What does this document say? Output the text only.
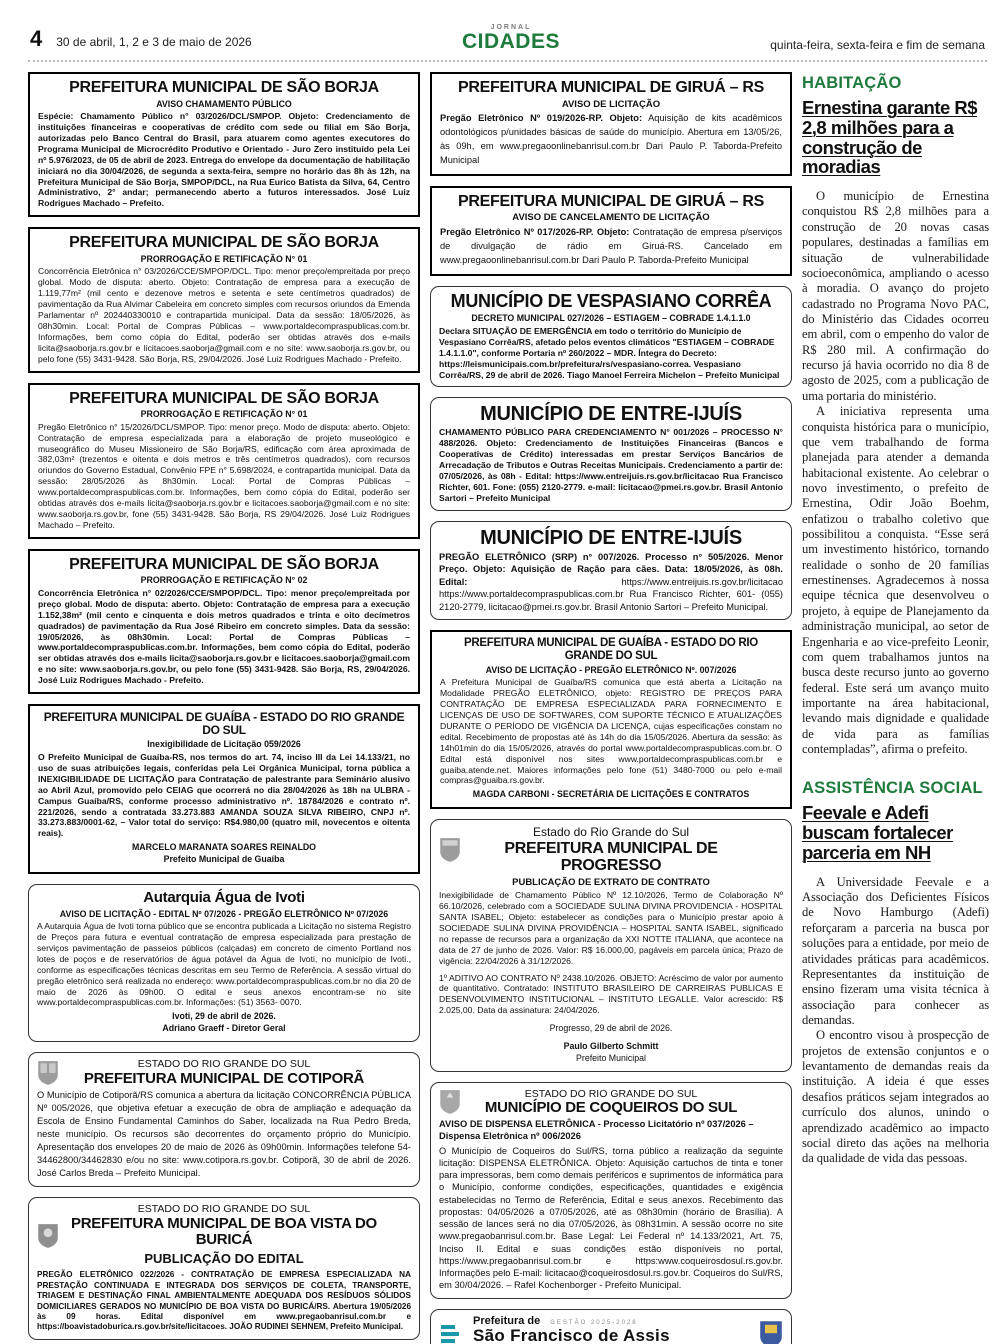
4 30 de abril, 1, 2 e 3 de maio de 2026
JORNAL
CIDADES	quinta-feira, sexta-feira e fim de semana
PREFEITURA MUNICIPAL DE SÃO BORJA
AVISO CHAMAMENTO PÚBLICO
Espécie: Chamamento Público n° 03/2026/DCL/SMPOP. Objeto: Credenciamento de instituições financeiras e cooperativas de crédito com sede ou filial em São Borja, autorizadas pelo Banco Central do Brasil, para atuarem como agentes executores do Programa Municipal de Microcrédito Produtivo e Orientado - Juro Zero instituído pela Lei nº 5.976/2023, de 05 de abril de 2023. Entrega do envelope da documentação de habilitação iniciará no dia 30/04/2026, de segunda a sexta-feira, sempre no horário das 8h às 12h, na Prefeitura Municipal de São Borja, SMPOP/DCL, na Rua Eurico Batista da Silva, 64, Centro Administrativo, 2° andar; permanecendo aberto a futuros interessados. José Luiz Rodrigues Machado – Prefeito.
PREFEITURA MUNICIPAL DE SÃO BORJA
PRORROGAÇÃO E RETIFICAÇÃO N° 01
Concorrência Eletrônica n° 03/2026/CCE/SMPOP/DCL. Tipo: menor preço/empreitada por preço global. Modo de disputa: aberto. Objeto: Contratação de empresa para a execução de 1.119,77m² (mil cento e dezenove metros e setenta e sete centímetros quadrados) de pavimentação da Rua Alvimar Cabeleira em concreto simples com recursos oriundos da Emenda Parlamentar nº 202440330010 e contrapartida municipal. Data da sessão: 18/05/2026, às 08h30min. Local: Portal de Compras Públicas – www.portaldecompraspublicas.com.br. Informações, bem como cópia do Edital, poderão ser obtidas através dos e-mails licita@saoborja.rs.gov.br e licitacoes.saoborja@gmail.com e no site: www.saoborja.rs.gov.br, ou pelo fone (55) 3431-9428. São Borja, RS, 29/04/2026. José Luiz Rodrigues Machado - Prefeito.
PREFEITURA MUNICIPAL DE SÃO BORJA
PRORROGAÇÃO E RETIFICAÇÃO N° 01
Pregão Eletrônico n° 15/2026/DCL/SMPOP. Tipo: menor preço. Modo de disputa: aberto. Objeto: Contratação de empresa especializada para a elaboração de projeto museológico e museográfico do Museu Missioneiro de São Borja/RS, edificação com área aproximada de 382,03m² (trezentos e oitenta e dois metros e três centímetros quadrados), com recursos oriundos do Governo Estadual, Convênio FPE n° 5.698/2024, e contrapartida municipal. Data da sessão: 28/05/2026 às 8h30min. Local: Portal de Compras Públicas – www.portaldecompraspublicas.com.br. Informações, bem como cópia do Edital, poderão ser obtidas através dos e-mails licita@saoborja.rs.gov.br e licitacoes.saoborja@gmail.com e no site: www.saoborja.rs.gov.br, fone (55) 3431-9428. São Borja, RS 29/04/2026. José Luiz Rodrigues Machado – Prefeito.
PREFEITURA MUNICIPAL DE SÃO BORJA
PRORROGAÇÃO E RETIFICAÇÃO N° 02
Concorrência Eletrônica n° 02/2026/CCE/SMPOP/DCL. Tipo: menor preço/empreitada por preço global. Modo de disputa: aberto. Objeto: Contratação de empresa para a execução 1.152,38m² (mil cento e cinquenta e dois metros quadrados e trinta e oito decímetros quadrados) de pavimentação da Rua José Ribeiro em concreto simples. Data da sessão: 19/05/2026, às 08h30min. Local: Portal de Compras Públicas – www.portaldecompraspublicas.com.br. Informações, bem como cópia do Edital, poderão ser obtidas através dos e-mails licita@saoborja.rs.gov.br e licitacoes.saoborja@gmail.com e no site: www.saoborja.rs.gov.br, ou pelo fone (55) 3431-9428. São Borja, RS, 29/04/2026. José Luiz Rodrigues Machado - Prefeito.
PREFEITURA MUNICIPAL DE GUAÍBA - ESTADO DO RIO GRANDE DO SUL
Inexigibilidade de Licitação 059/2026
O Prefeito Municipal de Guaíba-RS, nos termos do art. 74, inciso III da Lei 14.133/21, no uso de suas atribuições legais, conferidas pela Lei Orgânica Municipal, torna pública a INEXIGIBILIDADE DE LICITAÇÃO para Contratação de palestrante para Seminário alusivo ao Abril Azul, promovido pelo CEIAG que ocorrerá no dia 28/04/2026 às 18h na ULBRA - Campus Guaíba/RS, conforme processo administrativo nº. 18784/2026 e contrato nº. 221/2026, sendo a contratada 33.273.883 AMANDA SOUZA SILVA RIBEIRO, CNPJ nº. 33.273.883/0001-62, – Valor total do serviço: R$4.980,00 (quatro mil, novecentos e oitenta reais).
MARCELO MARANATA SOARES REINALDO
Prefeito Municipal de Guaíba
Autarquia Água de Ivoti
AVISO DE LICITAÇÃO - EDITAL Nº 07/2026 - PREGÃO ELETRÔNICO Nº 07/2026
A Autarquia Água de Ivoti torna público que se encontra publicada a Licitação no sistema Registro de Preços para futura e eventual contratação de empresa especializada para prestação de serviços pavimentação de passeios públicos (calçadas) em concreto de cimento Portland nos lotes de poços e de reservatórios de água potável da Água de Ivoti, no município de Ivoti., conforme as especificações técnicas descritas em seu Termo de Referência. A sessão virtual do pregão eletrônico será realizada no endereço: www.portaldecompraspublicas.com.br no dia 20 de maio de 2026 às 09h00. O edital e seus anexos encontram-se no site www.portaldecompraspublicas.com.br. Informações: (51) 3563- 0070.
Ivoti, 29 de abril de 2026.
Adriano Graeff - Diretor Geral
ESTADO DO RIO GRANDE DO SUL
PREFEITURA MUNICIPAL DE COTIPORÃ
O Município de Cotiporã/RS comunica a abertura da licitação CONCORRÊNCIA PÚBLICA Nº 005/2026, que objetiva efetuar a execução de obra de ampliação e adequação da Escola de Ensino Fundamental Caminhos do Saber, localizada na Rua Pedro Breda, neste município. Os recursos são decorrentes do orçamento próprio do Município. Apresentação dos envelopes 20 de maio de 2026 às 09h00min. Informações telefone 54-34462800/34462830 e/ou no site: www.cotipora.rs.gov.br. Cotiporã, 30 de abril de 2026. José Carlos Breda – Prefeito Municipal.
ESTADO DO RIO GRANDE DO SUL
PREFEITURA MUNICIPAL DE BOA VISTA DO BURICÁ
PUBLICAÇÃO DO EDITAL
PREGÃO ELETRÔNICO 022/2026 - CONTRATAÇÃO DE EMPRESA ESPECIALIZADA NA PRESTAÇÃO CONTINUADA E INTEGRADA DOS SERVIÇOS DE COLETA, TRANSPORTE, TRIAGEM E DESTINAÇÃO FINAL AMBIENTALMENTE ADEQUADA DOS RESÍDUOS SÓLIDOS DOMICILIARES GERADOS NO MUNICÍPIO DE BOA VISTA DO BURICÁ/RS. Abertura 19/05/2026 às 09 horas. Edital disponível em www.pregaobanrisul.com.br e https://boavistadoburica.rs.gov.br/site/licitacoes. JOÃO RUDINEI SEHNEM, Prefeito Municipal.
PREFEITURA MUNICIPAL DE GIRUÁ – RS
AVISO DE LICITAÇÃO
Pregão Eletrônico Nº 019/2026-RP. Objeto: Aquisição de kits acadêmicos odontológicos p/unidades básicas de saúde do município. Abertura em 13/05/26, às 09h, em www.pregaoonlinebanrisul.com.br Dari Paulo P. Taborda-Prefeito Municipal
PREFEITURA MUNICIPAL DE GIRUÁ – RS
AVISO DE CANCELAMENTO DE LICITAÇÃO
Pregão Eletrônico Nº 017/2026-RP. Objeto: Contratação de empresa p/serviços de divulgação de rádio em Giruá-RS. Cancelado em www.pregaoonlinebanrisul.com.br Dari Paulo P. Taborda-Prefeito Municipal
MUNICÍPIO DE VESPASIANO CORRÊA
DECRETO MUNICIPAL 027/2026 – ESTIAGEM – COBRADE 1.4.1.1.0
Declara SITUAÇÃO DE EMERGÊNCIA em todo o território do Município de Vespasiano Corrêa/RS, afetado pelos eventos climáticos "ESTIAGEM – COBRADE 1.4.1.1.0", conforme Portaria nº 260/2022 – MDR. Íntegra do Decreto: https://leismunicipais.com.br/prefeitura/rs/vespasiano-correa. Vespasiano Corrêa/RS, 29 de abril de 2026. Tiago Manoel Ferreira Michelon – Prefeito Municipal
MUNICÍPIO DE ENTRE-IJUÍS
CHAMAMENTO PÚBLICO PARA CREDENCIAMENTO N° 001/2026 – PROCESSO N° 488/2026. Objeto: Credenciamento de Instituições Financeiras (Bancos e Cooperativas de Crédito) interessadas em prestar Serviços Bancários de Arrecadação de Tributos e Outras Receitas Municipais. Credenciamento a partir de: 07/05/2026, às 08h - Edital: https://www.entreijuis.rs.gov.br/licitacao Rua Francisco Richter, 601. Fone: (055) 2120-2779. e-mail: licitacao@pmei.rs.gov.br. Brasil Antonio Sartori – Prefeito Municipal
MUNICÍPIO DE ENTRE-IJUÍS
PREGÃO ELETRÔNICO (SRP) n° 007/2026. Processo n° 505/2026. Menor Preço. Objeto: Aquisição de Ração para cães. Data: 18/05/2026, às 08h. Edital: https://www.entreijuis.rs.gov.br/licitacao https://www.portaldecompraspublicas.com.br Rua Francisco Richter, 601- (055) 2120-2779, licitacao@pmei.rs.gov.br. Brasil Antonio Sartori – Prefeito Municipal.
PREFEITURA MUNICIPAL DE GUAÍBA - ESTADO DO RIO GRANDE DO SUL
AVISO DE LICITAÇÃO - PREGÃO ELETRÔNICO Nº. 007/2026
A Prefeitura Municipal de Guaíba/RS comunica que está aberta a Licitação na Modalidade PREGÃO ELETRÔNICO, objeto: REGISTRO DE PREÇOS PARA CONTRATAÇÃO DE EMPRESA ESPECIALIZADA PARA FORNECIMENTO E LICENÇAS DE USO DE SOFTWARES, COM SUPORTE TÉCNICO E ATUALIZAÇÕES DURANTE O PERÍODO DE VIGÊNCIA DA LICENÇA, cujas especificações constam no edital. Recebimento de propostas até às 14h do dia 15/05/2026. Abertura da sessão: às 14h01min do dia 15/05/2026, através do portal www.portaldecompraspublicas.com.br. O Edital está disponível nos sites www.portaldecompraspublicas.com.br e guaiba.atende.net. Maiores informações pelo fone (51) 3480-7000 ou pelo e-mail compras@guaiba.rs.gov.br.
MAGDA CARBONI - SECRETÁRIA DE LICITAÇÕES E CONTRATOS
Estado do Rio Grande do Sul
PREFEITURA MUNICIPAL DE PROGRESSO
PUBLICAÇÃO DE EXTRATO DE CONTRATO
Inexigibilidade de Chamamento Público Nº 12.10/2026, Termo de Colaboração Nº 66.10/2026, celebrado com a SOCIEDADE SULINA DIVINA PROVIDENCIA - HOSPITAL SANTA ISABEL; Objeto: estabelecer as condições para o Município prestar apoio à SOCIEDADE SULINA DIVINA PROVIDÊNCIA – HOSPITAL SANTA ISABEL, significado no repasse de recursos para a organização da XXI NOTTE ITALIANA, que acontece na data de 27 de junho de 2026. Valor: R$ 16.000,00, pagáveis em parcela única; Prazo de vigência: 22/04/2026 à 31/12/2026.
1º ADITIVO AO CONTRATO Nº 2438.10/2026. OBJETO: Acréscimo de valor por aumento de quantitativo. Contratado: INSTITUTO BRASILEIRO DE CARREIRAS PUBLICAS E DESENVOLVIMENTO INSTITUCIONAL – INSTITUTO LEGALLE. Valor acrescido: R$ 2.025,00. Data da assinatura: 24/04/2026.
Progresso, 29 de abril de 2026.
Paulo Gilberto Schmitt
Prefeito Municipal
ESTADO DO RIO GRANDE DO SUL
MUNICÍPIO DE COQUEIROS DO SUL
AVISO DE DISPENSA ELETRÔNICA - Processo Licitatório nº 037/2026 – Dispensa Eletrônica nº 006/2026
O Município de Coqueiros do Sul/RS, torna público a realização da seguinte licitação: DISPENSA ELETRÔNICA. Objeto: Aquisição cartuchos de tinta e toner para impressoras, bem como demais periféricos e suprimentos de informática para o Município, conforme condições, especificações, quantidades e exigência estabelecidas no Termo de Referência, Edital e seus anexos. Recebimento das propostas: 04/05/2026 a 07/05/2026, até as 08h30min (horário de Brasília). A sessão de lances será no dia 07/05/2026, às 08h31min. A sessão ocorre no site www.pregaobanrisul.com.br. Base Legal: Lei Federal nº 14.133/2021, Art. 75, Inciso II. Edital e suas condições estão disponíveis no portal, https://www.pregaobanrisul.com.br e https:www.coqueirosdosul.rs.gov.br. Informações pelo E-mail: licitacao@coqueirosdosul.rs.gov.br. Coqueiros do Sul/RS, em 30/04/2026. – Rafel Kochenborger - Prefeito Municipal.
Prefeitura de GESTÃO 2025-2028
São Francisco de Assis
HABITAÇÃO
Ernestina garante R$ 2,8 milhões para a construção de moradias

O município de Ernestina conquistou R$ 2,8 milhões para a construção de 20 novas casas populares, destinadas a famílias em situação de vulnerabilidade socioeconômica, ampliando o acesso à moradia. O avanço do projeto cadastrado no Programa Novo PAC, do Ministério das Cidades ocorreu em abril, com o empenho do valor de R$ 280 mil. A confirmação do recurso já havia ocorrido no dia 8 de agosto de 2025, com a publicação de uma portaria do ministério.

A iniciativa representa uma conquista histórica para o município, que vem trabalhando de forma planejada para atender a demanda habitacional existente. Ao celebrar o novo investimento, o prefeito de Ernestina, Odir João Boehm, enfatizou o trabalho coletivo que possibilitou a conquista. “Esse será um investimento histórico, tornando realidade o sonho de 20 famílias ernestinenses. Agradecemos à nossa equipe técnica que desenvolveu o projeto, à equipe de Planejamento da administração municipal, ao setor de Engenharia e ao vice-prefeito Leonir, com quem trabalhamos juntos na busca deste recurso junto ao governo federal. Este será um avanço muito importante na área habitacional, levando mais dignidade e qualidade de vida para as famílias contempladas”, afirma o prefeito.

ASSISTÊNCIA SOCIAL
Feevale e Adefi buscam fortalecer parceria em NH

A Universidade Feevale e a Associação dos Deficientes Físicos de Novo Hamburgo (Adefi) reforçaram a parceria na busca por soluções para a entidade, por meio de atividades práticas para acadêmicos. Representantes da instituição de ensino fizeram uma visita técnica à associação para conhecer as demandas.

O encontro visou à prospecção de projetos de extensão conjuntos e o levantamento de demandas reais da instituição. A ideia é que esses desafios práticos sejam integrados ao currículo dos alunos, unindo o aprendizado acadêmico ao impacto social direto das ações na melhoria da qualidade de vida das pessoas.
